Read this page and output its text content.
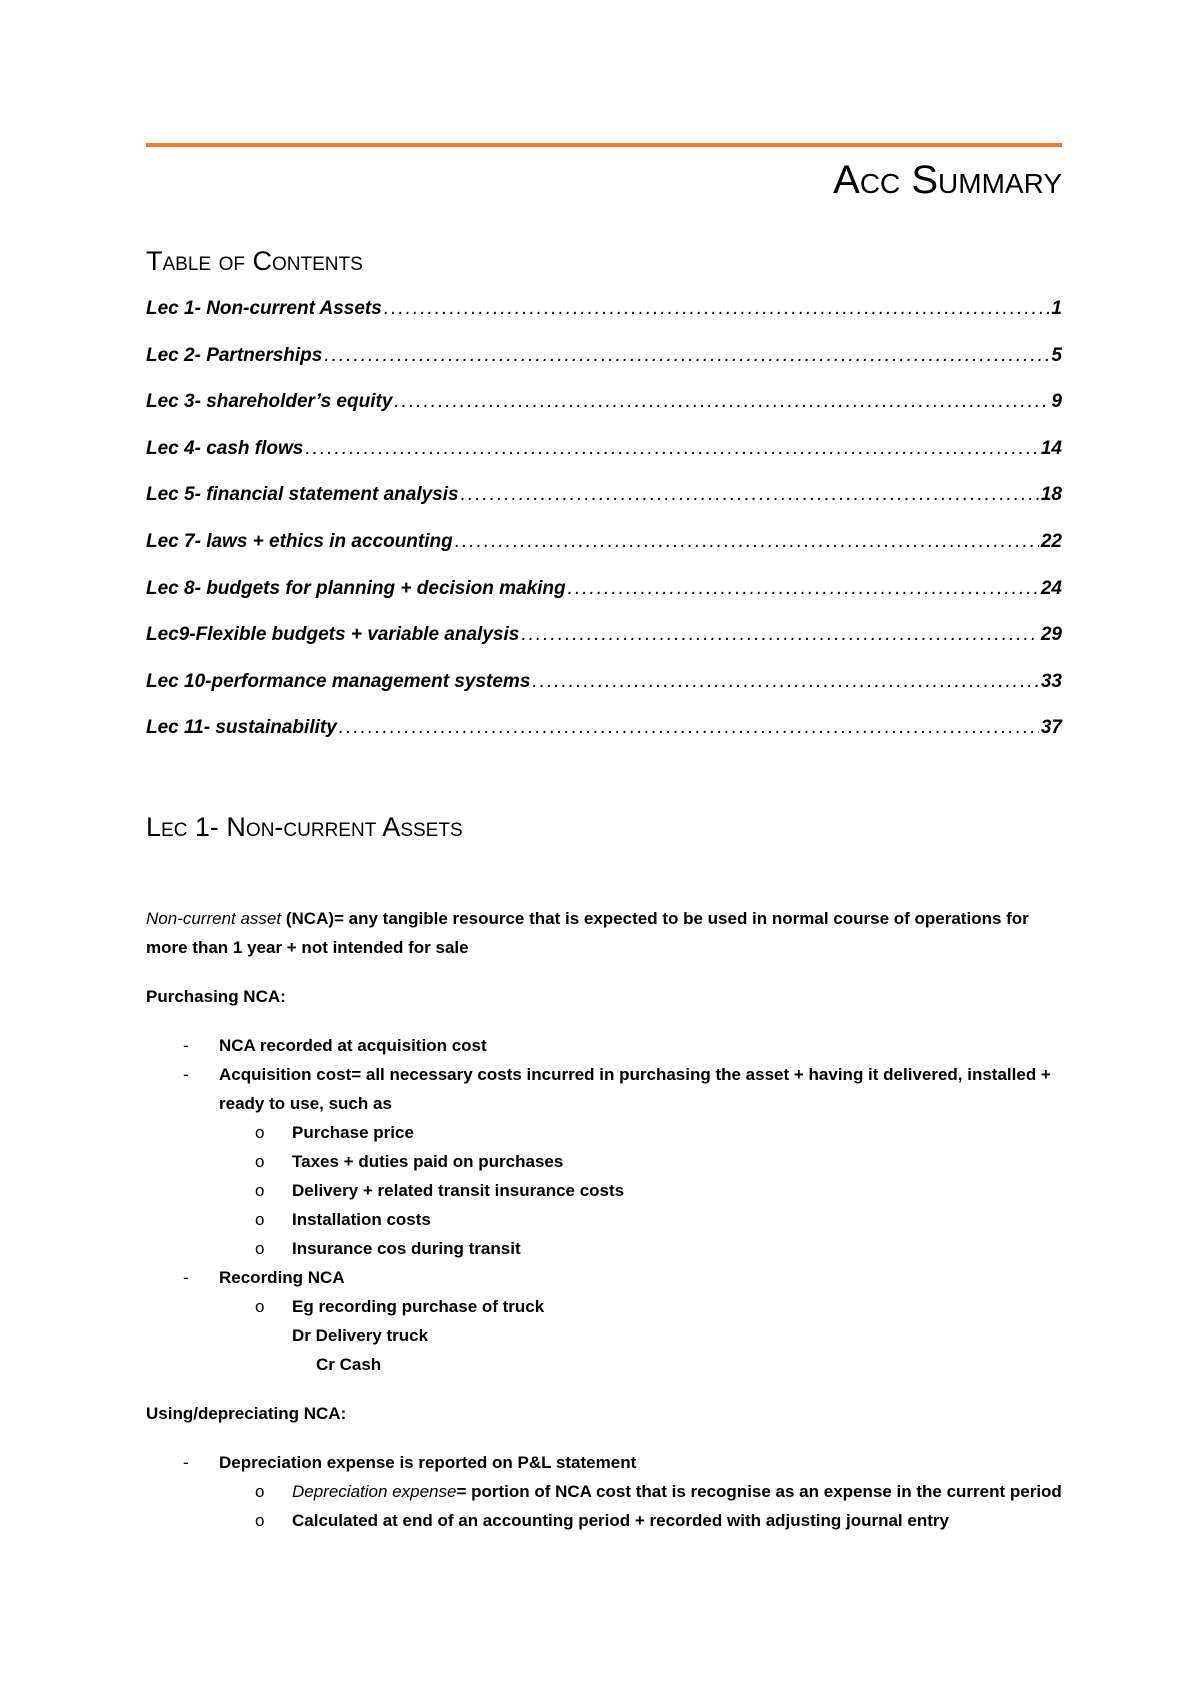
Acc Summary
Table of Contents
Lec 1- Non-current Assets .....	1
Lec 2- Partnerships .....	5
Lec 3- shareholder’s equity .....	9
Lec 4- cash flows .....	14
Lec 5- financial statement analysis .....	18
Lec 7- laws + ethics in accounting .....	22
Lec 8- budgets for planning + decision making .....	24
Lec9-Flexible budgets + variable analysis .....	29
Lec 10-performance management systems .....	33
Lec 11- sustainability .....	37
Lec 1- Non-current Assets

Non-current asset (NCA)= any tangible resource that is expected to be used in normal course of operations for more than 1 year + not intended for sale

Purchasing NCA:

- NCA recorded at acquisition cost
- Acquisition cost= all necessary costs incurred in purchasing the asset + having it delivered, installed + ready to use, such as
o Purchase price
o Taxes + duties paid on purchases
o Delivery + related transit insurance costs
o Installation costs
o Insurance cos during transit
- Recording NCA
o Eg recording purchase of truck
Dr Delivery truck
Cr Cash

Using/depreciating NCA:

- Depreciation expense is reported on P&L statement
o Depreciation expense= portion of NCA cost that is recognise as an expense in the current period
o Calculated at end of an accounting period + recorded with adjusting journal entry
